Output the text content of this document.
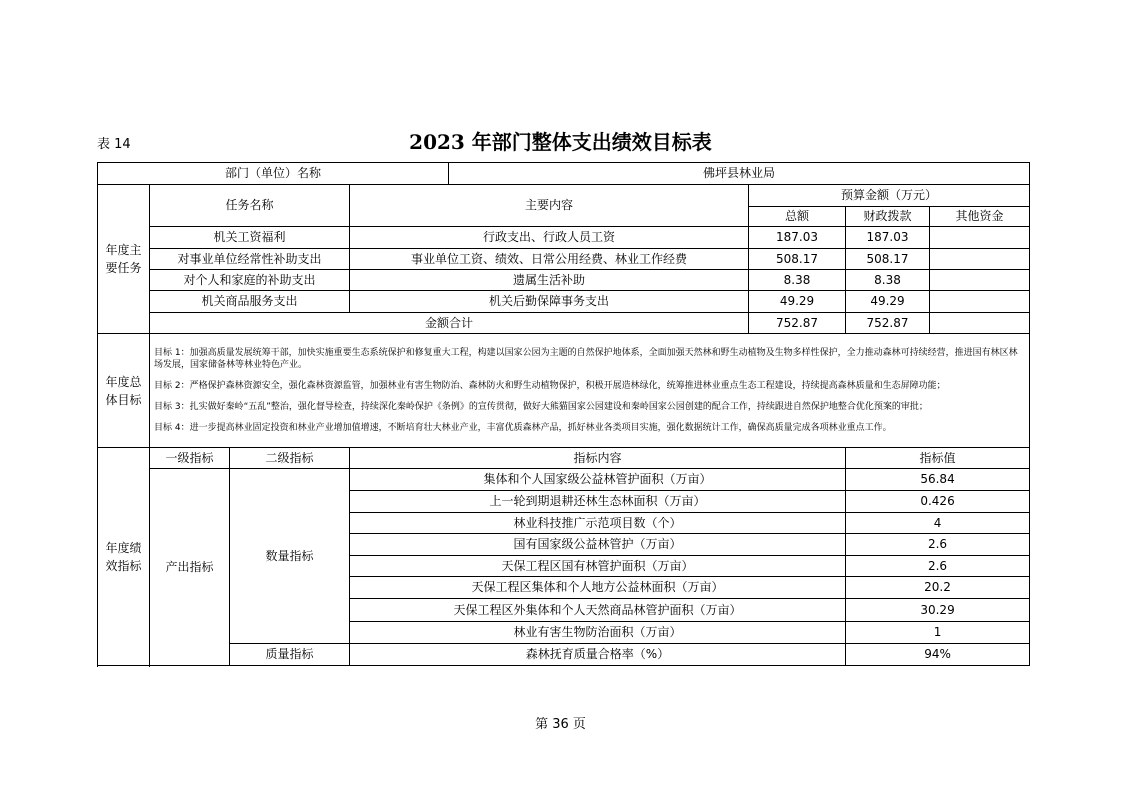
表 14	2023 年部门整体支出绩效目标表
部门（单位）名称				佛坪县林业局			
年度主要任务	任务名称		主要内容		预算金额（万元）		
					总额	财政拨款	其他资金
	机关工资福利		行政支出、行政人员工资		187.03	187.03	
	对事业单位经常性补助支出		事业单位工资、绩效、日常公用经费、林业工作经费		508.17	508.17	
	对个人和家庭的补助支出		遗属生活补助		8.38	8.38	
	机关商品服务支出		机关后勤保障事务支出		49.29	49.29	
	金额合计				752.87	752.87	

年度总体目标	目标 1：加强高质量发展统筹干部，加快实施重要生态系统保护和修复重大工程，构建以国家公园为主题的自然保护地体系，全面加强天然林和野生动植物及生物多样性保护，全力推动森林可持续经营，推进国有林区林场发展，国家储备林等林业特色产业。
目标 2：严格保护森林资源安全，强化森林资源监管，加强林业有害生物防治、森林防火和野生动植物保护，积极开展造林绿化，统筹推进林业重点生态工程建设，持续提高森林质量和生态屏障功能；
目标 3：扎实做好秦岭“五乱”整治，强化督导检查，持续深化秦岭保护《条例》的宣传贯彻，做好大熊猫国家公园建设和秦岭国家公园创建的配合工作，持续跟进自然保护地整合优化预案的审批；
目标 4：进一步提高林业固定投资和林业产业增加值增速，不断培育壮大林业产业，丰富优质森林产品，抓好林业各类项目实施，强化数据统计工作，确保高质量完成各项林业重点工作。						

年度绩效指标	一级指标	二级指标	指标内容			指标值	
	产出指标	数量指标	集体和个人国家级公益林管护面积（万亩）			56.84	
			上一轮到期退耕还林生态林面积（万亩）			0.426	
			林业科技推广示范项目数（个）			4	
			国有国家级公益林管护（万亩）			2.6	
			天保工程区国有林管护面积（万亩）			2.6	
			天保工程区集体和个人地方公益林面积（万亩）			20.2	
			天保工程区外集体和个人天然商品林管护面积（万亩）			30.29	
			林业有害生物防治面积（万亩）			1	
		质量指标	森林抚育质量合格率（%）			94%	

第 36 页
